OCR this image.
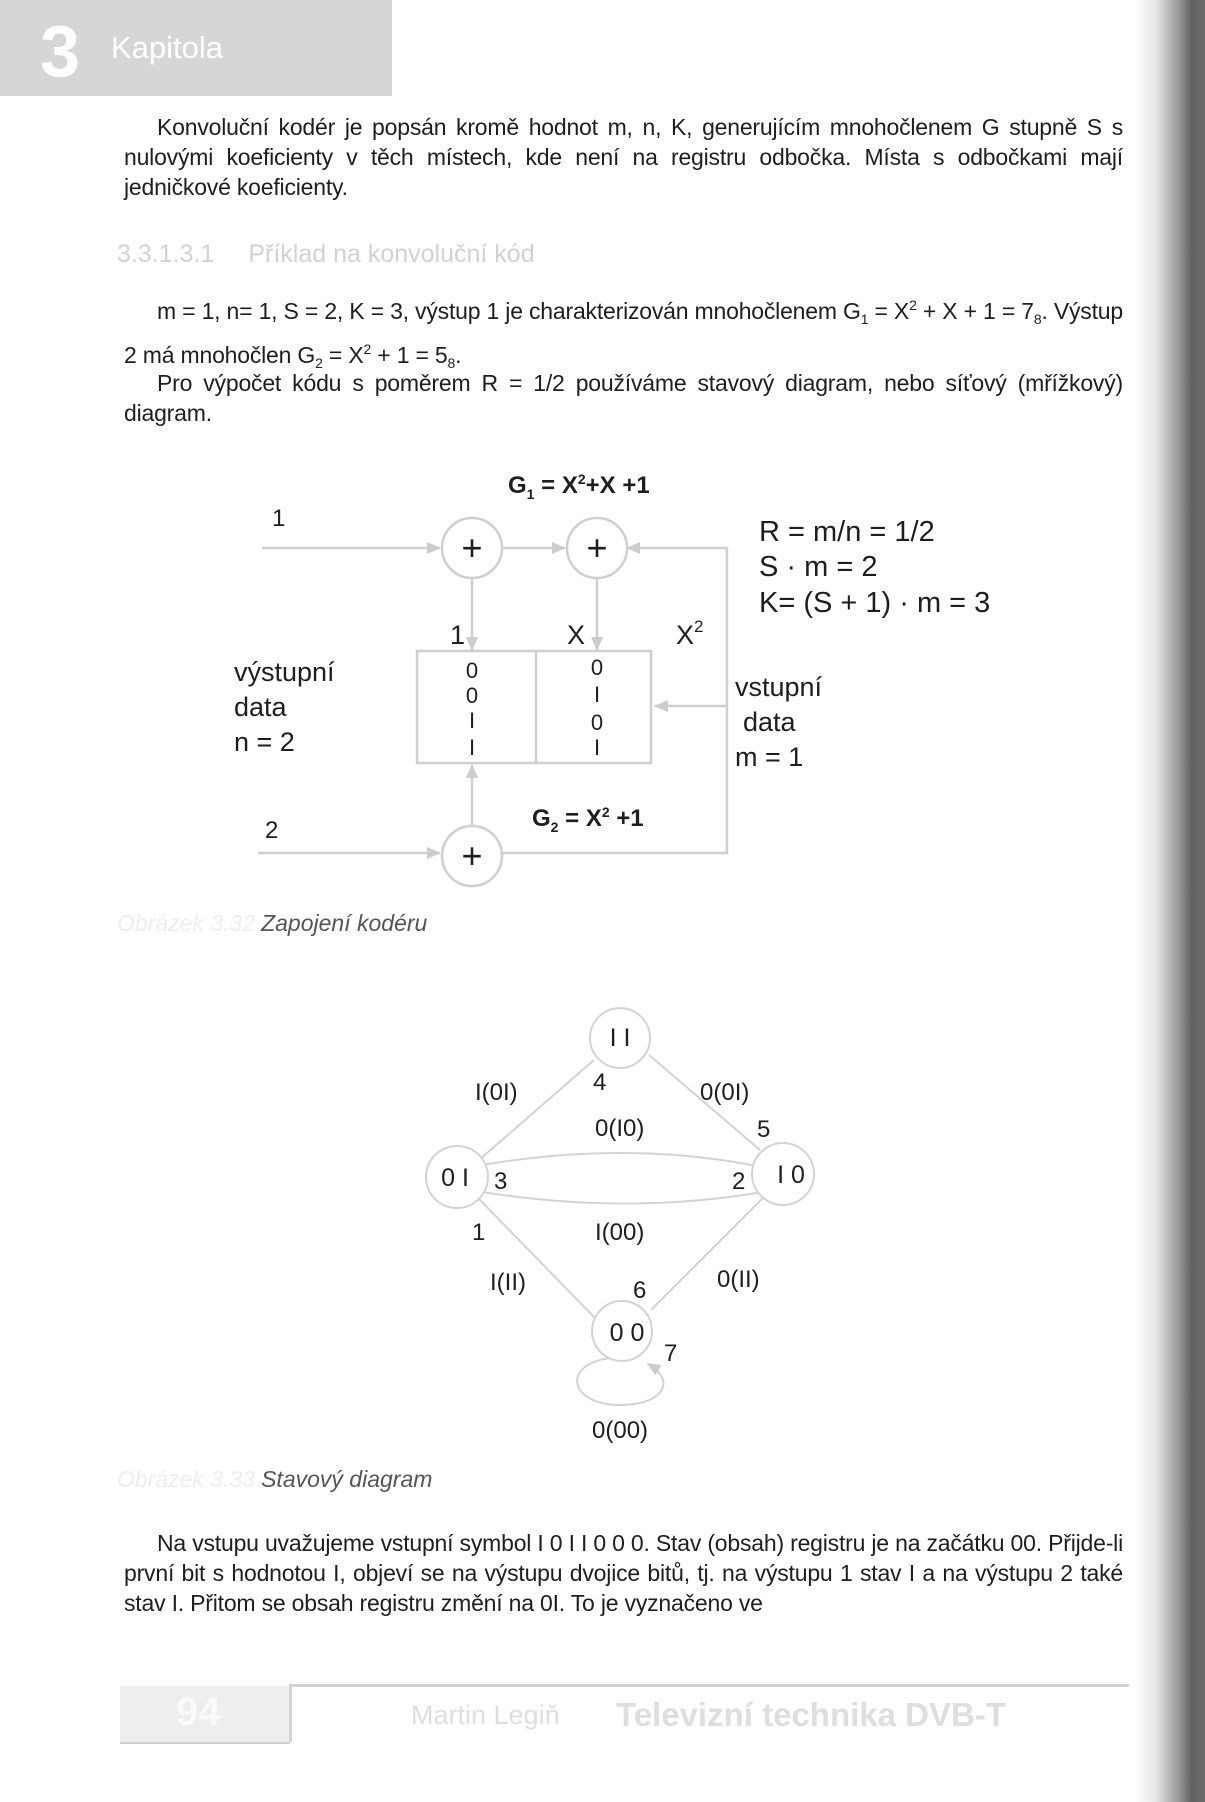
3 Kapitola

Konvoluční kodér je popsán kromě hodnot m, n, K, generujícím mnohočlenem G stupně S s nulovými koeficienty v těch místech, kde není na registru odbočka. Místa s odbočkami mají jedničkové koeficienty.

3.3.1.3.1 Příklad na konvoluční kód

m = 1, n= 1, S = 2, K = 3, výstup 1 je charakterizován mnohočlenem $G_1 = X^2 + X + 1 = 7_8$. Výstup 2 má mnohočlen $G_2 = X^2 + 1 = 5_8$.

Pro výpočet kódu s poměrem R = 1/2 používáme stavový diagram, nebo síťový (mřížkový) diagram.

+	+
+
$G_1 = X^2+X +1$
$G_2 = X^2 +1$
1
2
1	X	$X^2$
0
0
I
I
0
I
0
I
výstupní
data
n = 2
vstupní
data
m = 1
R = m/n = 1/2
S · m = 2
K= (S + 1) · m = 3
Obrázek 3.32 Zapojení kodéru
I I
0 I	I 0
0 0
I(0I)	0(0I)
0(I0)
I(00)
I(II)	0(II)
0(00)
1
2
3
4
5
6
7
Obrázek 3.33 Stavový diagram

Na vstupu uvažujeme vstupní symbol I 0 I I 0 0 0. Stav (obsah) registru je na začátku 00. Přijde-li první bit s hodnotou I, objeví se na výstupu dvojice bitů, tj. na výstupu 1 stav I a na výstupu 2 také stav I. Přitom se obsah registru změní na 0I. To je vyznačeno ve

94	Martin Legiň Televizní technika DVB-T
